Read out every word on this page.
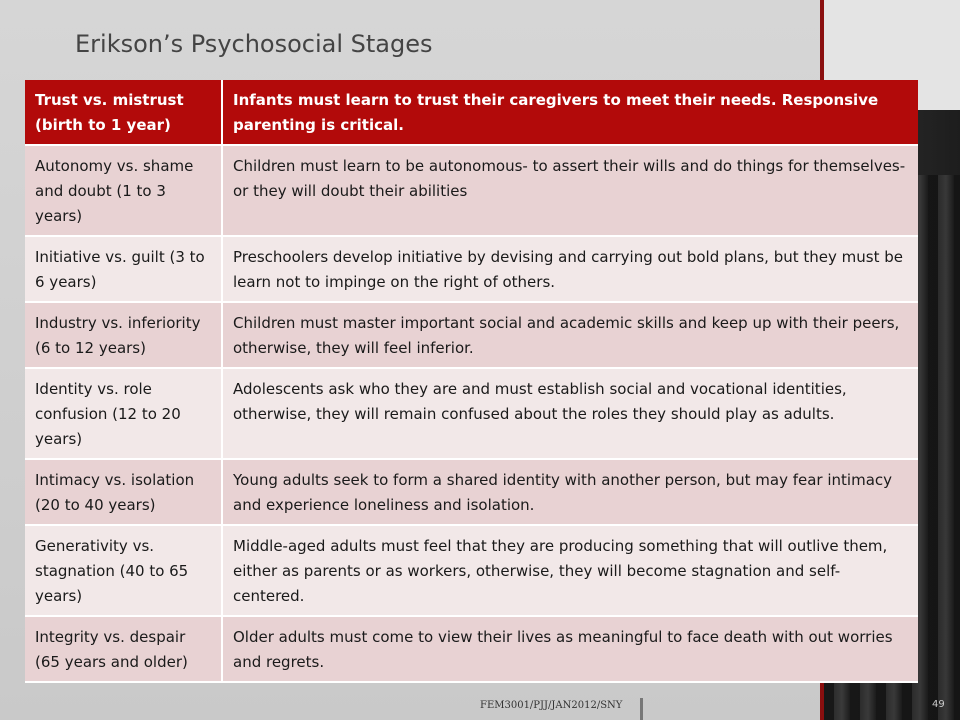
Erikson’s Psychosocial Stages
Trust vs. mistrust (birth to 1 year)	Infants must learn to trust their caregivers to meet their needs. Responsive parenting is critical.
Autonomy vs. shame and doubt (1 to 3 years)	Children must learn to be autonomous- to assert their wills and do things for themselves-or they will doubt their abilities
Initiative vs. guilt (3 to 6 years)	Preschoolers develop initiative by devising and carrying out bold plans, but they must be learn not to impinge on the right of others.
Industry vs. inferiority (6 to 12 years)	Children must master important social and academic skills and keep up with their peers, otherwise, they will feel inferior.
Identity vs. role confusion (12 to 20 years)	Adolescents ask who they are and must establish social and vocational identities, otherwise, they will remain confused about the roles they should play as adults.
Intimacy vs. isolation (20 to 40 years)	Young adults seek to form a shared identity with another person, but may fear intimacy and experience loneliness and isolation.
Generativity vs. stagnation (40 to 65 years)	Middle-aged adults must feel that they are producing something that will outlive them, either as parents or as workers, otherwise, they will become stagnation and self-centered.
Integrity vs. despair (65 years and older)	Older adults must come to view their lives as meaningful to face death with out worries and regrets.
FEM3001/PJJ/JAN2012/SNY	49
